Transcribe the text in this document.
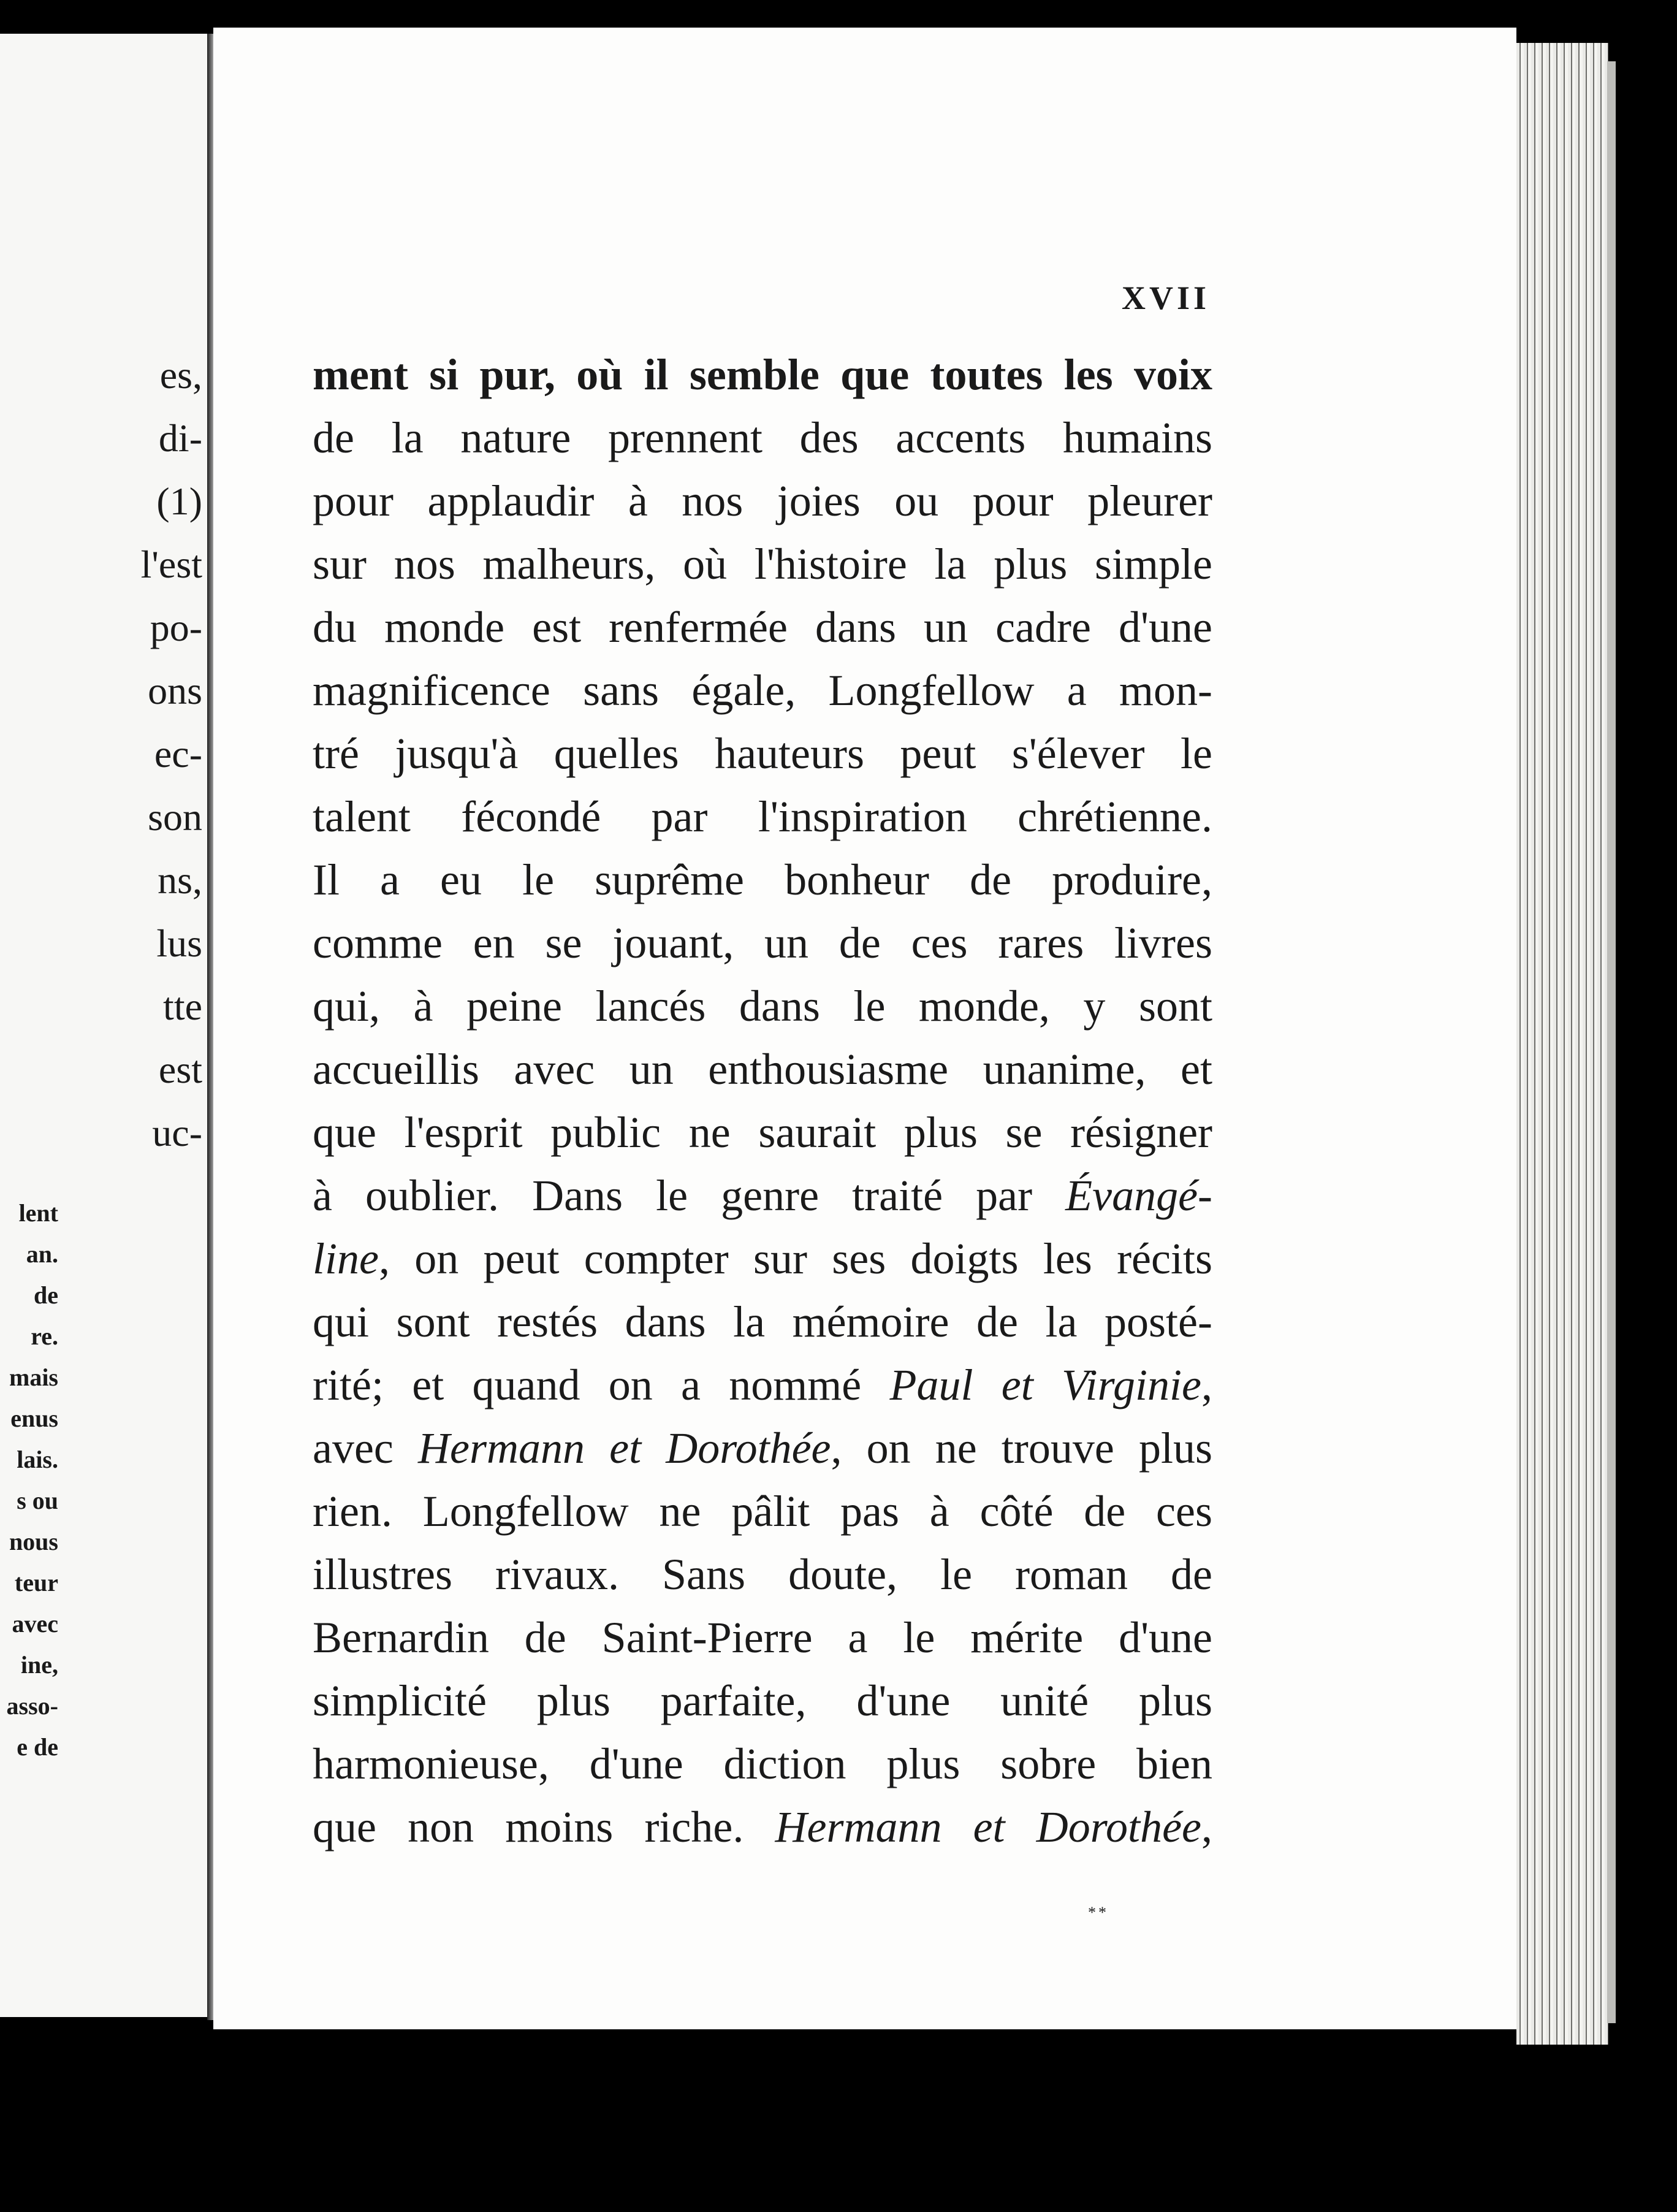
es,
di-
(1)
l'est
po-
ons
ec-
son
ns,
lus
tte
est
uc-
lent
an.
de
re.
mais
enus
lais.
s ou
nous
teur
avec
ine,
asso-
e de
XVII
ment si pur, où il semble que toutes les voix
de la nature prennent des accents humains
pour applaudir à nos joies ou pour pleurer
sur nos malheurs, où l'histoire la plus simple
du monde est renfermée dans un cadre d'une
magnificence sans égale, Longfellow a mon-
tré jusqu'à quelles hauteurs peut s'élever le
talent fécondé par l'inspiration chrétienne.
Il a eu le suprême bonheur de produire,
comme en se jouant, un de ces rares livres
qui, à peine lancés dans le monde, y sont
accueillis avec un enthousiasme unanime, et
que l'esprit public ne saurait plus se résigner
à oublier. Dans le genre traité par Évangé-
line, on peut compter sur ses doigts les récits
qui sont restés dans la mémoire de la posté-
rité; et quand on a nommé Paul et Virginie,
avec Hermann et Dorothée, on ne trouve plus
rien. Longfellow ne pâlit pas à côté de ces
illustres rivaux. Sans doute, le roman de
Bernardin de Saint-Pierre a le mérite d'une
simplicité plus parfaite, d'une unité plus
harmonieuse, d'une diction plus sobre bien
que non moins riche. Hermann et Dorothée,
**
